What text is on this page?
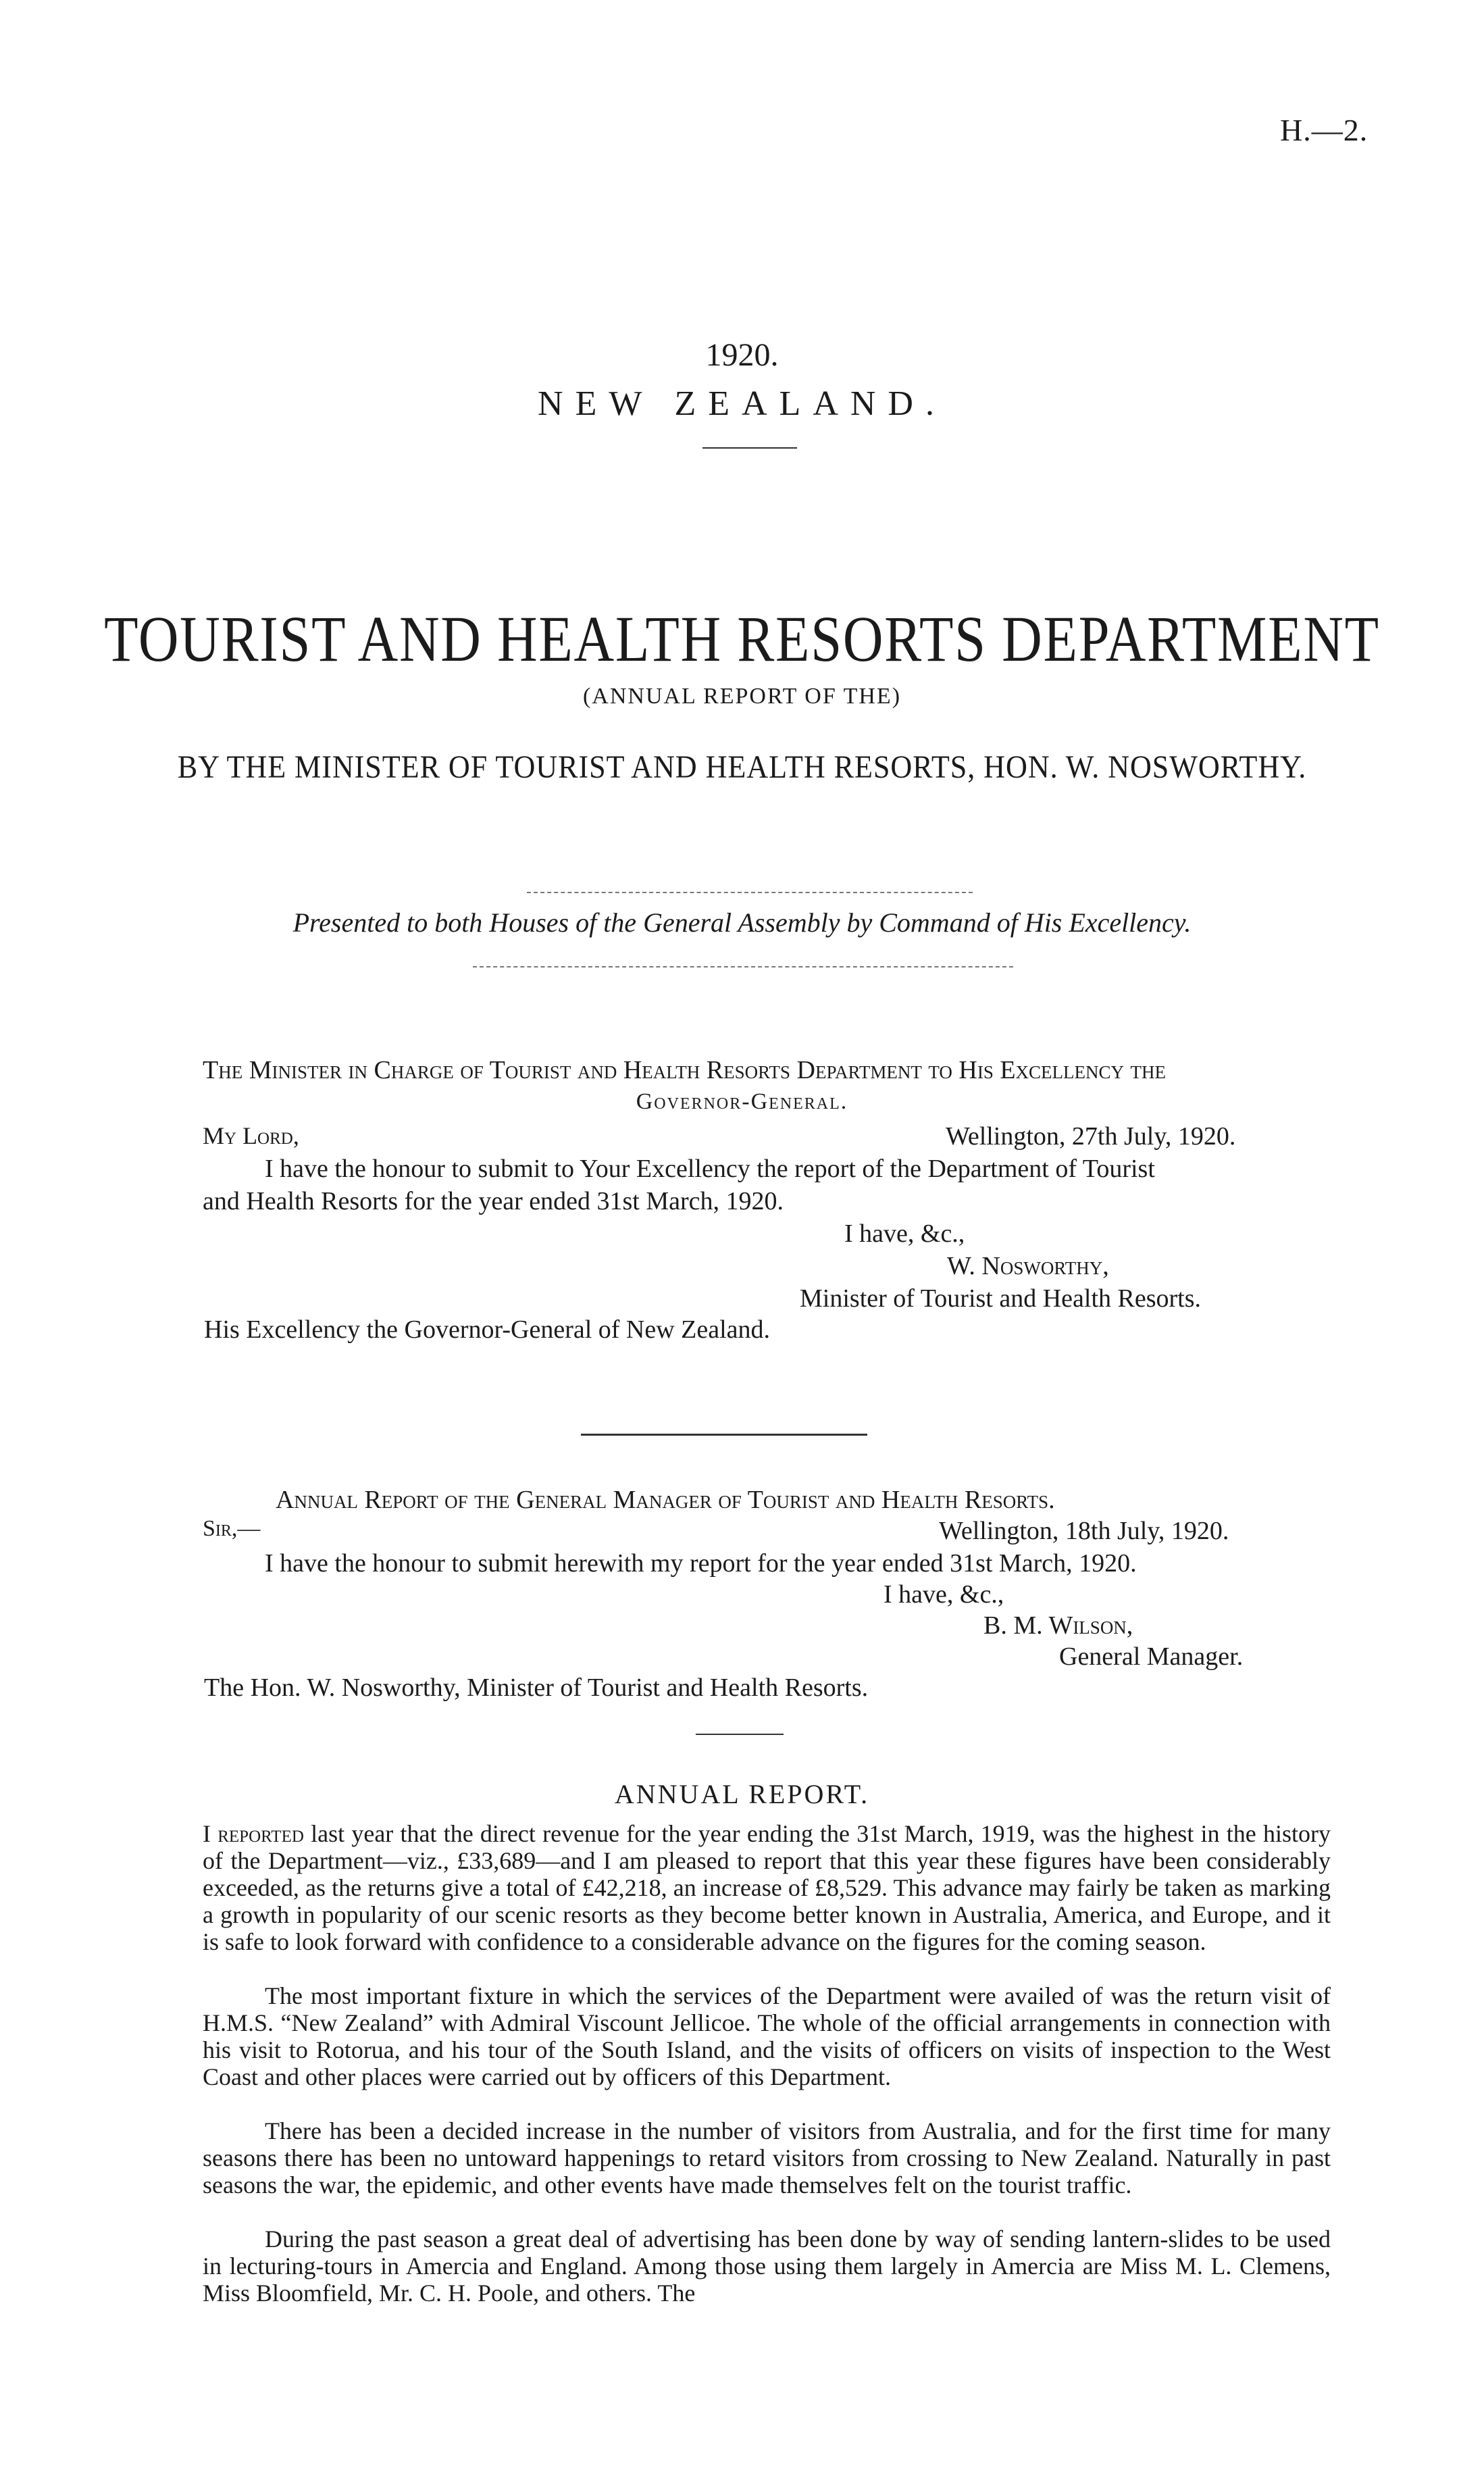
H.—2.
1920.
NEW ZEALAND.
TOURIST AND HEALTH RESORTS DEPARTMENT
(ANNUAL REPORT OF THE)
BY THE MINISTER OF TOURIST AND HEALTH RESORTS, HON. W. NOSWORTHY.
Presented to both Houses of the General Assembly by Command of His Excellency.
The Minister in Charge of Tourist and Health Resorts Department to His Excellency the
Governor-General.
My Lord,	Wellington, 27th July, 1920.
I have the honour to submit to Your Excellency the report of the Department of Tourist
and Health Resorts for the year ended 31st March, 1920.
I have, &c.,
W. Nosworthy,
Minister of Tourist and Health Resorts.
His Excellency the Governor-General of New Zealand.
Annual Report of the General Manager of Tourist and Health Resorts.
Sir,—	Wellington, 18th July, 1920.
I have the honour to submit herewith my report for the year ended 31st March, 1920.
I have, &c.,
B. M. Wilson,
General Manager.
The Hon. W. Nosworthy, Minister of Tourist and Health Resorts.
ANNUAL REPORT.

I reported last year that the direct revenue for the year ending the 31st March, 1919, was the highest in the history of the Department—viz., £33,689—and I am pleased to report that this year these figures have been considerably exceeded, as the returns give a total of £42,218, an increase of £8,529. This advance may fairly be taken as marking a growth in popularity of our scenic resorts as they become better known in Australia, America, and Europe, and it is safe to look forward with confidence to a considerable advance on the figures for the coming season.

The most important fixture in which the services of the Department were availed of was the return visit of H.M.S. “New Zealand” with Admiral Viscount Jellicoe. The whole of the official arrangements in connection with his visit to Rotorua, and his tour of the South Island, and the visits of officers on visits of inspection to the West Coast and other places were carried out by officers of this Department.

There has been a decided increase in the number of visitors from Australia, and for the first time for many seasons there has been no untoward happenings to retard visitors from crossing to New Zealand. Naturally in past seasons the war, the epidemic, and other events have made themselves felt on the tourist traffic.

During the past season a great deal of advertising has been done by way of sending lantern-slides to be used in lecturing-tours in Amercia and England. Among those using them largely in Amercia are Miss M. L. Clemens, Miss Bloomfield, Mr. C. H. Poole, and others. The
